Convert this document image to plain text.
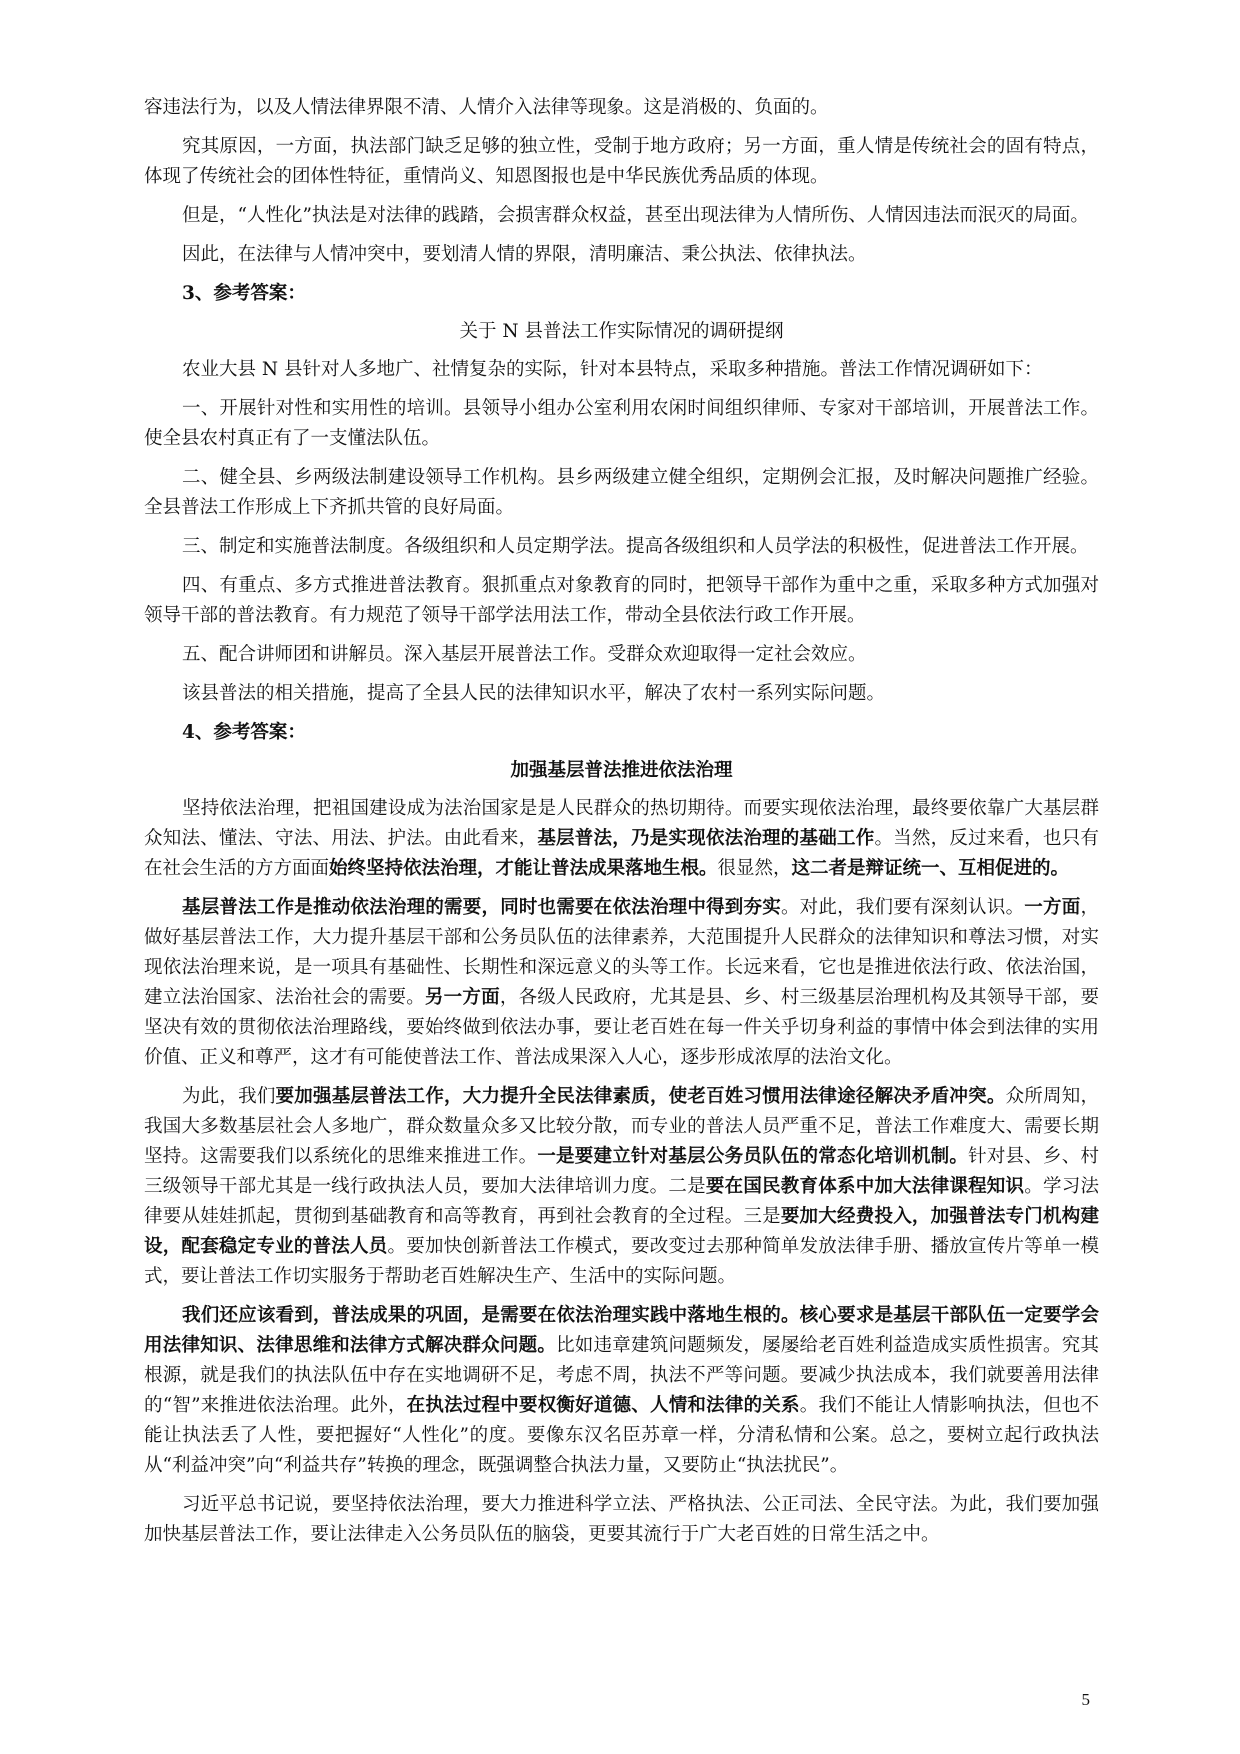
容违法行为，以及人情法律界限不清、人情介入法律等现象。这是消极的、负面的。

究其原因，一方面，执法部门缺乏足够的独立性，受制于地方政府；另一方面，重人情是传统社会的固有特点，体现了传统社会的团体性特征，重情尚义、知恩图报也是中华民族优秀品质的体现。

但是，“人性化”执法是对法律的践踏，会损害群众权益，甚至出现法律为人情所伤、人情因违法而泯灭的局面。

因此，在法律与人情冲突中，要划清人情的界限，清明廉洁、秉公执法、依律执法。

3、参考答案：
关于 N 县普法工作实际情况的调研提纲

农业大县 N 县针对人多地广、社情复杂的实际，针对本县特点，采取多种措施。普法工作情况调研如下：

一、开展针对性和实用性的培训。县领导小组办公室利用农闲时间组织律师、专家对干部培训，开展普法工作。使全县农村真正有了一支懂法队伍。

二、健全县、乡两级法制建设领导工作机构。县乡两级建立健全组织，定期例会汇报，及时解决问题推广经验。全县普法工作形成上下齐抓共管的良好局面。

三、制定和实施普法制度。各级组织和人员定期学法。提高各级组织和人员学法的积极性，促进普法工作开展。

四、有重点、多方式推进普法教育。狠抓重点对象教育的同时，把领导干部作为重中之重，采取多种方式加强对领导干部的普法教育。有力规范了领导干部学法用法工作，带动全县依法行政工作开展。

五、配合讲师团和讲解员。深入基层开展普法工作。受群众欢迎取得一定社会效应。

该县普法的相关措施，提高了全县人民的法律知识水平，解决了农村一系列实际问题。

4、参考答案：
加强基层普法推进依法治理

坚持依法治理，把祖国建设成为法治国家是是人民群众的热切期待。而要实现依法治理，最终要依靠广大基层群众知法、懂法、守法、用法、护法。由此看来，基层普法，乃是实现依法治理的基础工作。当然，反过来看，也只有在社会生活的方方面面始终坚持依法治理，才能让普法成果落地生根。很显然，这二者是辩证统一、互相促进的。

基层普法工作是推动依法治理的需要，同时也需要在依法治理中得到夯实。对此，我们要有深刻认识。一方面，做好基层普法工作，大力提升基层干部和公务员队伍的法律素养，大范围提升人民群众的法律知识和尊法习惯，对实现依法治理来说，是一项具有基础性、长期性和深远意义的头等工作。长远来看，它也是推进依法行政、依法治国，建立法治国家、法治社会的需要。另一方面，各级人民政府，尤其是县、乡、村三级基层治理机构及其领导干部，要坚决有效的贯彻依法治理路线，要始终做到依法办事，要让老百姓在每一件关乎切身利益的事情中体会到法律的实用价值、正义和尊严，这才有可能使普法工作、普法成果深入人心，逐步形成浓厚的法治文化。

为此，我们要加强基层普法工作，大力提升全民法律素质，使老百姓习惯用法律途径解决矛盾冲突。众所周知，我国大多数基层社会人多地广，群众数量众多又比较分散，而专业的普法人员严重不足，普法工作难度大、需要长期坚持。这需要我们以系统化的思维来推进工作。一是要建立针对基层公务员队伍的常态化培训机制。针对县、乡、村三级领导干部尤其是一线行政执法人员，要加大法律培训力度。二是要在国民教育体系中加大法律课程知识。学习法律要从娃娃抓起，贯彻到基础教育和高等教育，再到社会教育的全过程。三是要加大经费投入，加强普法专门机构建设，配套稳定专业的普法人员。要加快创新普法工作模式，要改变过去那种简单发放法律手册、播放宣传片等单一模式，要让普法工作切实服务于帮助老百姓解决生产、生活中的实际问题。

我们还应该看到，普法成果的巩固，是需要在依法治理实践中落地生根的。核心要求是基层干部队伍一定要学会用法律知识、法律思维和法律方式解决群众问题。比如违章建筑问题频发，屡屡给老百姓利益造成实质性损害。究其根源，就是我们的执法队伍中存在实地调研不足，考虑不周，执法不严等问题。要减少执法成本，我们就要善用法律的“智”来推进依法治理。此外，在执法过程中要权衡好道德、人情和法律的关系。我们不能让人情影响执法，但也不能让执法丢了人性，要把握好“人性化”的度。要像东汉名臣苏章一样，分清私情和公案。总之，要树立起行政执法从“利益冲突”向“利益共存”转换的理念，既强调整合执法力量，又要防止“执法扰民”。

习近平总书记说，要坚持依法治理，要大力推进科学立法、严格执法、公正司法、全民守法。为此，我们要加强加快基层普法工作，要让法律走入公务员队伍的脑袋，更要其流行于广大老百姓的日常生活之中。

5
